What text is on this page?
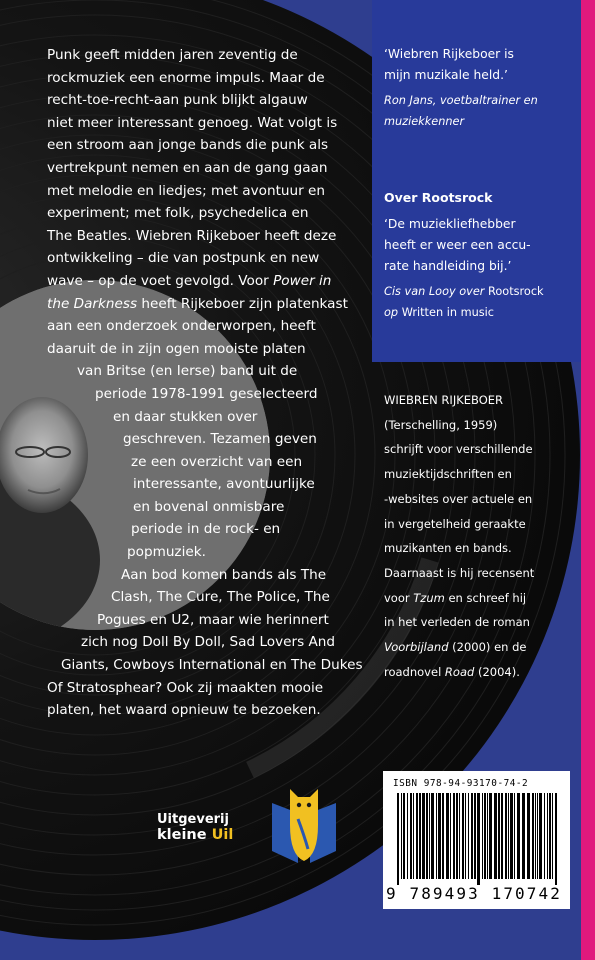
Punk geeft midden jaren zeventig de
rockmuziek een enorme impuls. Maar de
recht-toe-recht-aan punk blijkt algauw
niet meer interessant genoeg. Wat volgt is
een stroom aan jonge bands die punk als
vertrekpunt nemen en aan de gang gaan
met melodie en liedjes; met avontuur en
experiment; met folk, psychedelica en
The Beatles. Wiebren Rijkeboer heeft deze
ontwikkeling – die van postpunk en new
wave – op de voet gevolgd. Voor Power in
the Darkness heeft Rijkeboer zijn platenkast
aan een onderzoek onderworpen, heeft
daaruit de in zijn ogen mooiste platen
van Britse (en Ierse) band uit de
periode 1978-1991 geselecteerd
en daar stukken over
geschreven. Tezamen geven
ze een overzicht van een
interessante, avontuurlijke
en bovenal onmisbare
periode in de rock- en
popmuziek.
Aan bod komen bands als The
Clash, The Cure, The Police, The
Pogues en U2, maar wie herinnert
zich nog Doll By Doll, Sad Lovers And
Giants, Cowboys International en The Dukes
Of Stratosphear? Ook zij maakten mooie
platen, het waard opnieuw te bezoeken.
‘Wiebren Rijkeboer is
mijn muzikale held.’
Ron Jans, voetbaltrainer en
muziekkenner
Over Rootsrock
‘De muziekliefhebber
heeft er weer een accu-
rate handleiding bij.’
Cis van Looy over Rootsrock
op Written in music
WIEBREN RIJKEBOER
(Terschelling, 1959)
schrijft voor verschillende
muziektijdschriften en
-websites over actuele en
in vergetelheid geraakte
muzikanten en bands.
Daarnaast is hij recensent
voor Tzum en schreef hij
in het verleden de roman
Voorbijland (2000) en de
roadnovel Road (2004).
ISBN 978-94-93170-74-2
9 789493 170742
Uitgeverij
kleine Uil
